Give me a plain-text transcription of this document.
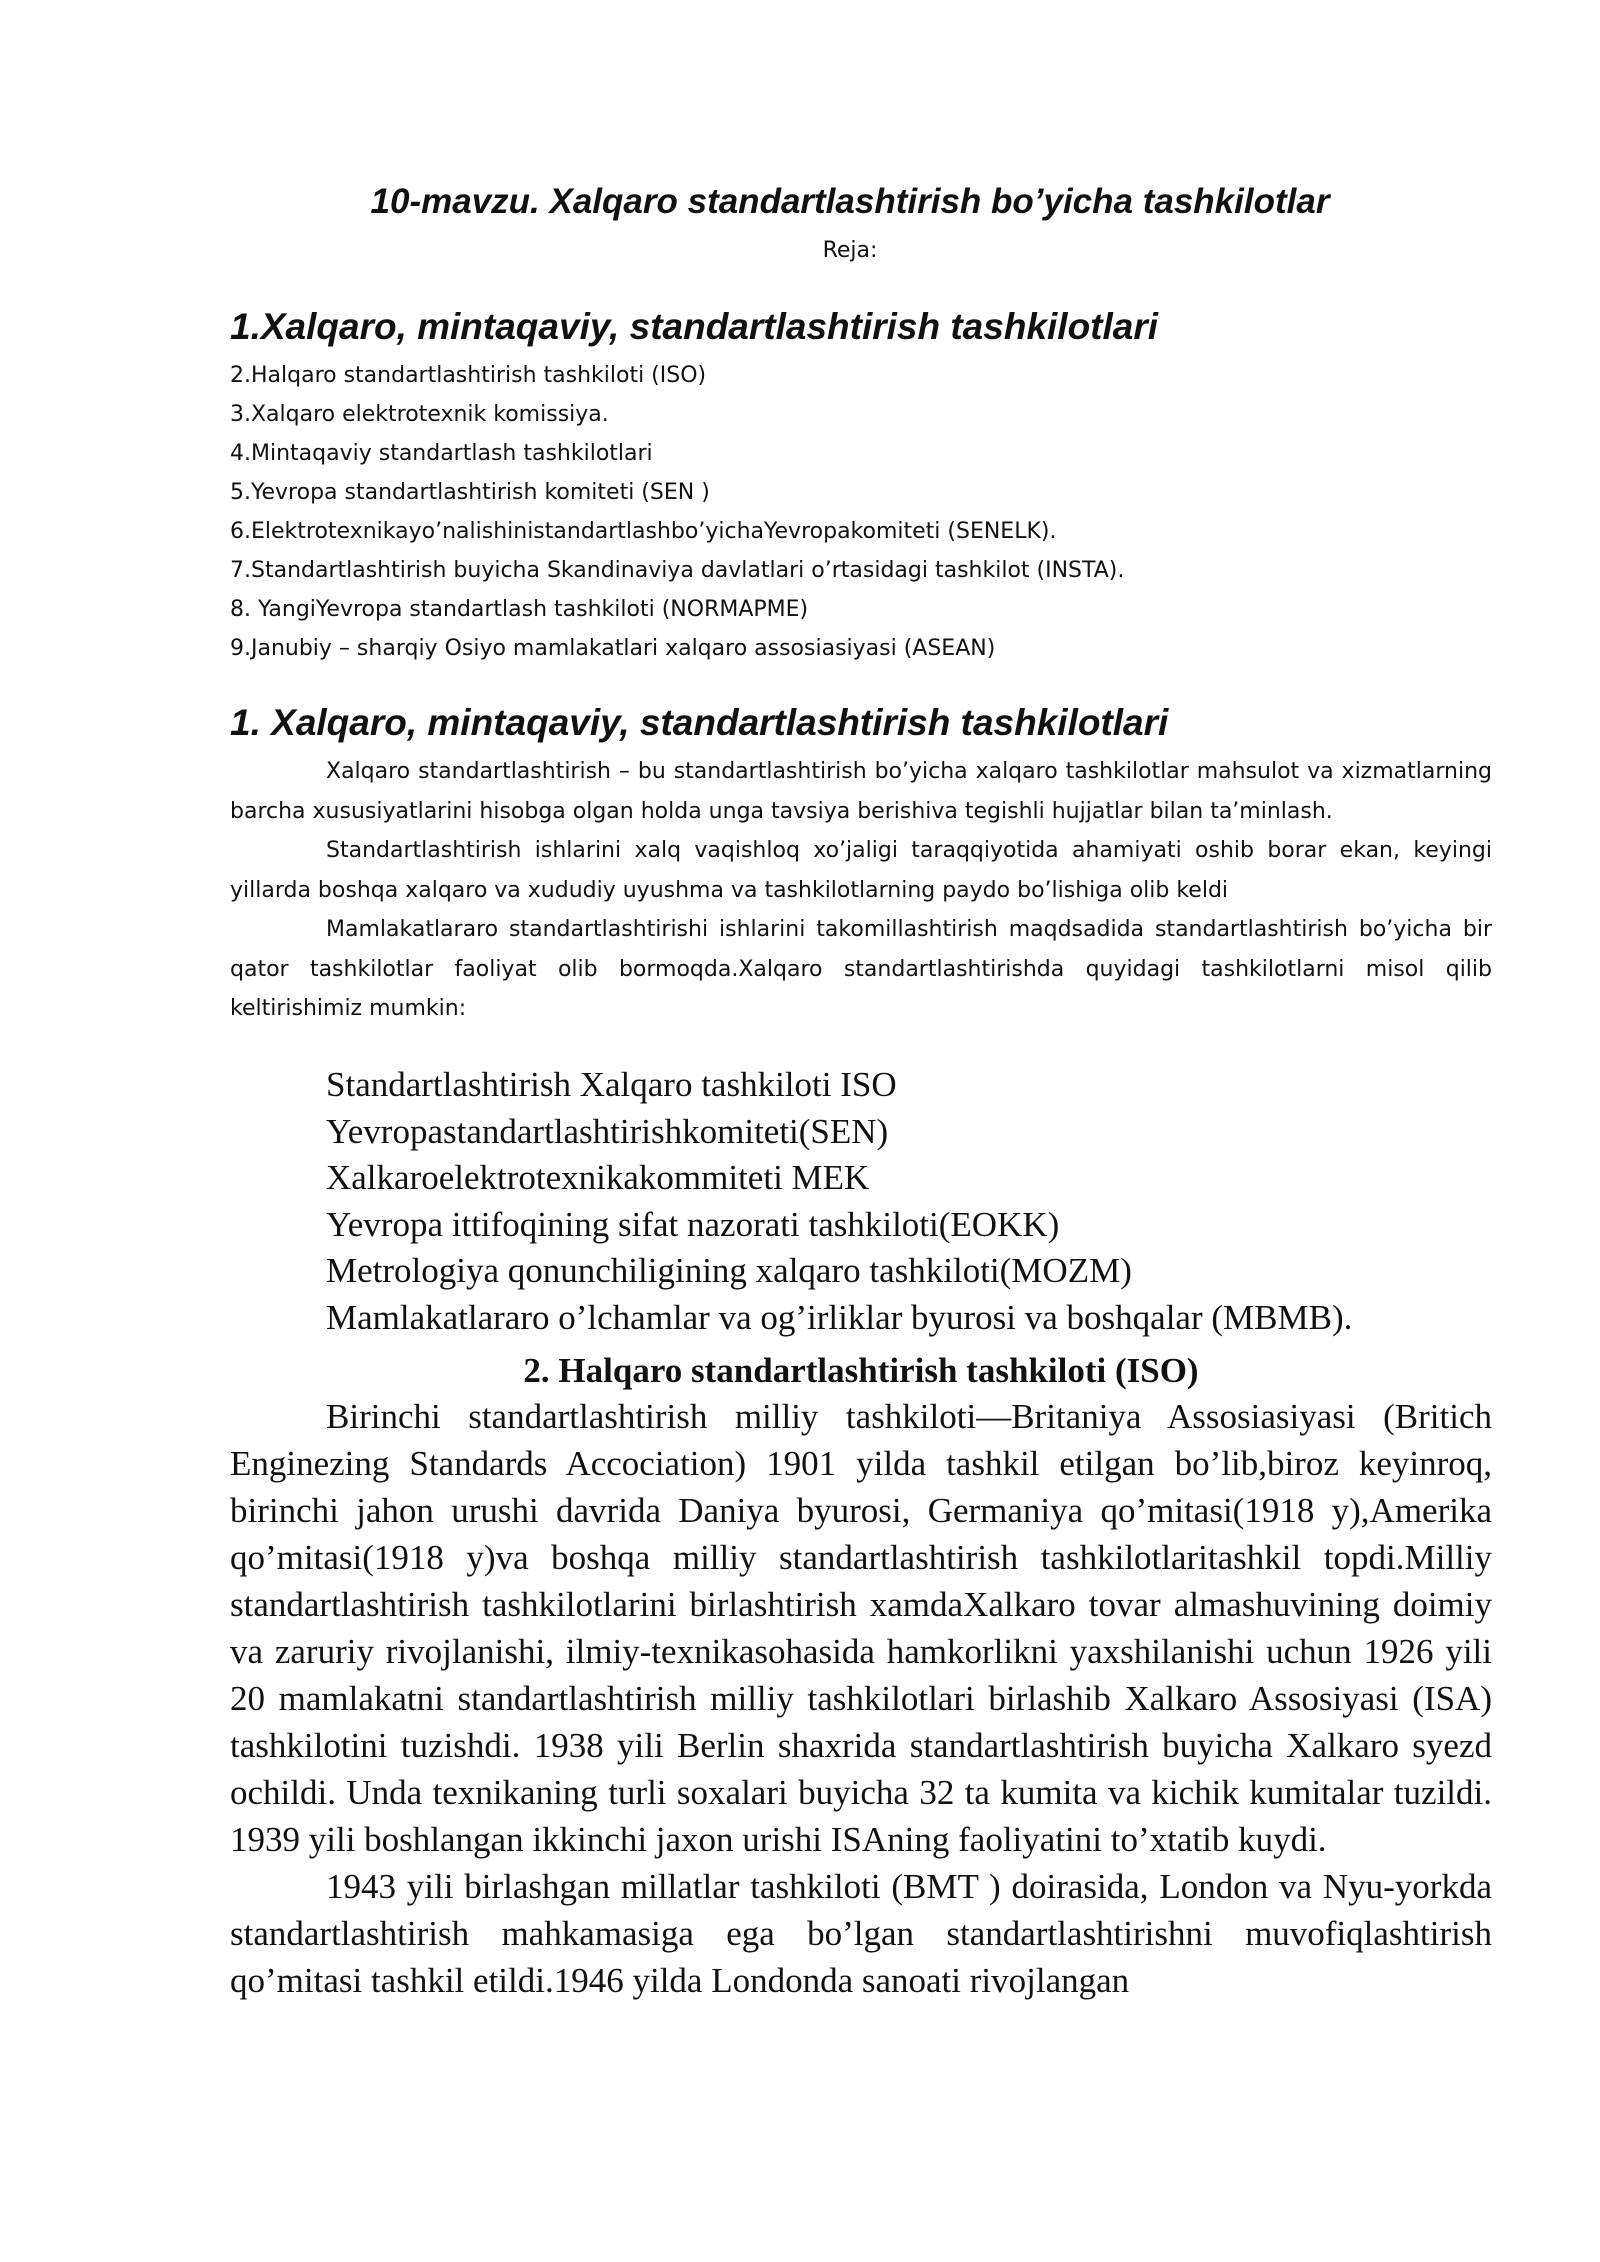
10-mavzu. Xalqaro standartlashtirish bo’yicha tashkilotlar
Reja:
1.Xalqaro, mintaqaviy, standartlashtirish tashkilotlari
2.Halqaro standartlashtirish tashkiloti (ISO)
3.Xalqaro elektrotexnik komissiya.
4.Mintaqaviy standartlash tashkilotlari
5.Yevropa standartlashtirish komiteti (SEN )
6.Elektrotexnikayo’nalishinistandartlashbo’yichaYevropakomiteti (SENELK).
7.Standartlashtirish buyicha Skandinaviya davlatlari o’rtasidagi tashkilot (INSTA).
8. YangiYevropa standartlash tashkiloti (NORMAPME)
9.Janubiy – sharqiy Osiyo mamlakatlari xalqaro assosiasiyasi (ASEAN)
1. Xalqaro, mintaqaviy, standartlashtirish tashkilotlari

Xalqaro standartlashtirish – bu standartlashtirish bo’yicha xalqaro tashkilotlar mahsulot va xizmatlarning barcha xususiyatlarini hisobga olgan holda unga tavsiya berishiva tegishli hujjatlar bilan ta’minlash.

Standartlashtirish ishlarini xalq vaqishloq xo’jaligi taraqqiyotida ahamiyati oshib borar ekan, keyingi yillarda boshqa xalqaro va xududiy uyushma va tashkilotlarning paydo bo’lishiga olib keldi

Mamlakatlararo standartlashtirishi ishlarini takomillashtirish maqdsadida standartlashtirish bo’yicha bir qator tashkilotlar faoliyat olib bormoqda.Xalqaro standartlashtirishda quyidagi tashkilotlarni misol qilib keltirishimiz mumkin:

Standartlashtirish Xalqaro tashkiloti ISO
Yevropastandartlashtirishkomiteti(SEN)
Xalkaroelektrotexnikakommiteti MEK
Yevropa ittifoqining sifat nazorati tashkiloti(EOKK)
Metrologiya qonunchiligining xalqaro tashkiloti(MOZM)
Mamlakatlararo o’lchamlar va og’irliklar byurosi va boshqalar (MBMB).
2. Halqaro standartlashtirish tashkiloti (ISO)

Birinchi standartlashtirish milliy tashkiloti—Britaniya Assosiasiyasi (Britich Enginezing Standards Accociation) 1901 yilda tashkil etilgan bo’lib,biroz keyinroq, birinchi jahon urushi davrida Daniya byurosi, Germaniya qo’mitasi(1918 y),Amerika qo’mitasi(1918 y)va boshqa milliy standartlashtirish tashkilotlaritashkil topdi.Milliy standartlashtirish tashkilotlarini birlashtirish xamdaXalkaro tovar almashuvining doimiy va zaruriy rivojlanishi, ilmiy-texnikasohasida hamkorlikni yaxshilanishi uchun 1926 yili 20 mamlakatni standartlashtirish milliy tashkilotlari birlashib Xalkaro Assosiyasi (ISA) tashkilotini tuzishdi. 1938 yili Berlin shaxrida standartlashtirish buyicha Xalkaro syezd ochildi. Unda texnikaning turli soxalari buyicha 32 ta kumita va kichik kumitalar tuzildi. 1939 yili boshlangan ikkinchi jaxon urishi ISAning faoliyatini to’xtatib kuydi.

1943 yili birlashgan millatlar tashkiloti (BMT ) doirasida, London va Nyu-yorkda standartlashtirish mahkamasiga ega bo’lgan standartlashtirishni muvofiqlashtirish qo’mitasi tashkil etildi.1946 yilda Londonda sanoati rivojlangan
